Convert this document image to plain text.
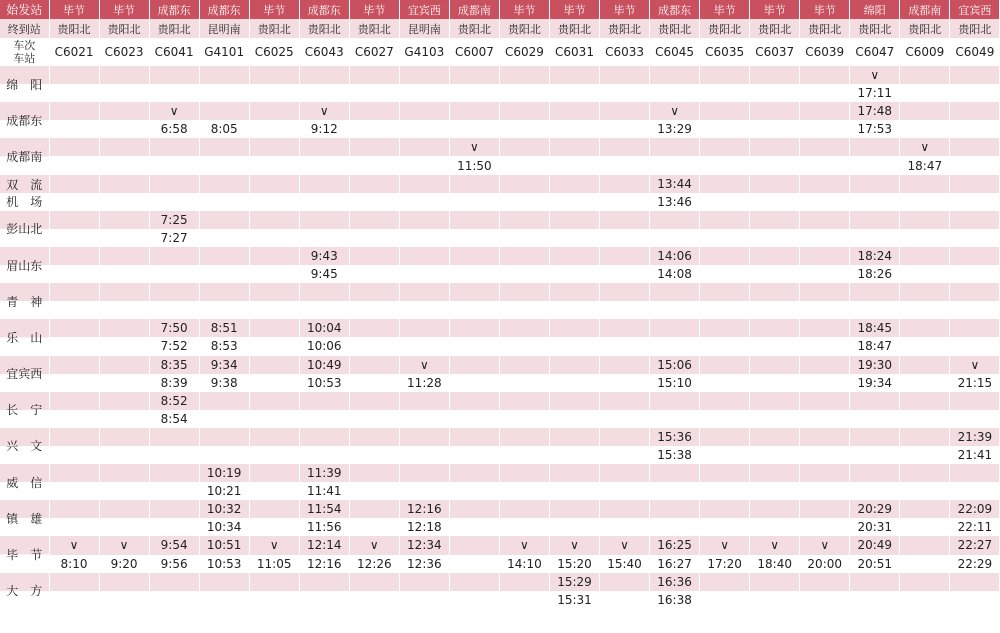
始发站	毕节	毕节	成都东	成都东	毕节	成都东	毕节	宜宾西	成都南	毕节	毕节	毕节	成都东	毕节	毕节	毕节	绵阳	成都南	宜宾西
终到站	贵阳北	贵阳北	贵阳北	昆明南	贵阳北	贵阳北	贵阳北	昆明南	贵阳北	贵阳北	贵阳北	贵阳北	贵阳北	贵阳北	贵阳北	贵阳北	贵阳北	贵阳北	贵阳北

车次
车站	C6021	C6023	C6041	G4101	C6025	C6043	C6027	G4103	C6007	C6029	C6031	C6033	C6045	C6035	C6037	C6039	C6047	C6009	C6049

绵　阳																	∨		
																	17:11		

成都东			∨			∨							∨				17:48		
			6:58	8:05		9:12							13:29				17:53		

成都南									∨									∨	
									11:50									18:47	

双　流
机　场													13:44						
													13:46						

彭山北			7:25																
			7:27																

眉山东						9:43							14:06				18:24		
						9:45							14:08				18:26		

青　神																			

乐　山			7:50	8:51		10:04											18:45		
			7:52	8:53		10:06											18:47		

宜宾西			8:35	9:34		10:49		∨					15:06				19:30		∨
			8:39	9:38		10:53		11:28					15:10				19:34		21:15

长　宁			8:52																
			8:54																

兴　文													15:36						21:39
													15:38						21:41

威　信				10:19		11:39													
				10:21		11:41													

镇　雄				10:32		11:54		12:16									20:29		22:09
				10:34		11:56		12:18									20:31		22:11

毕　节	∨	∨	9:54	10:51	∨	12:14	∨	12:34		∨	∨	∨	16:25	∨	∨	∨	20:49		22:27
	8:10	9:20	9:56	10:53	11:05	12:16	12:26	12:36		14:10	15:20	15:40	16:27	17:20	18:40	20:00	20:51		22:29

大　方											15:29		16:36						
											15:31		16:38						
